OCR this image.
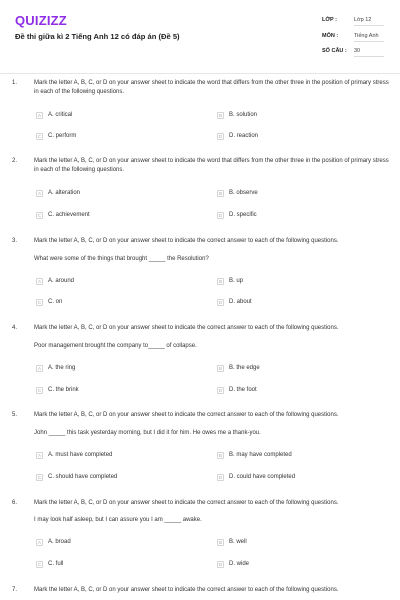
QUIZIZZ
Đề thi giữa kì 2 Tiếng Anh 12 có đáp án (Đề 5)
LỚP :	Lớp 12
MÔN :	Tiếng Anh
SỐ CÂU : 30
1.	Mark the letter A, B, C, or D on your answer sheet to indicate the word that differs from the other three in the position of primary stress in each of the following questions.
A	A. critical	B	B. solution
C	C. perform	D	D. reaction
2.	Mark the letter A, B, C, or D on your answer sheet to indicate the word that differs from the other three in the position of primary stress in each of the following questions.
A	A. alteration	B	B. observe
C	C. achievement	D	D. specific
3.	Mark the letter A, B, C, or D on your answer sheet to indicate the correct answer to each of the following questions.
What were some of the things that brought _____ the Resolution?
A	A. around	B	B. up
C	C. on	D	D. about
4.	Mark the letter A, B, C, or D on your answer sheet to indicate the correct answer to each of the following questions.
Poor management brought the company to_____ of collapse.
A	A. the ring	B	B. the edge
C	C. the brink	D	D. the foot
5.	Mark the letter A, B, C, or D on your answer sheet to indicate the correct answer to each of the following questions.
John _____ this task yesterday morning, but I did it for him. He owes me a thank-you.
A	A. must have completed	B	B. may have completed
C	C. should have completed	D	D. could have completed
6.	Mark the letter A, B, C, or D on your answer sheet to indicate the correct answer to each of the following questions.
I may look half asleep, but I can assure you I am _____ awake.
A	A. broad	B	B. well
C	C. full	D	D. wide
7.	Mark the letter A, B, C, or D on your answer sheet to indicate the correct answer to each of the following questions.
